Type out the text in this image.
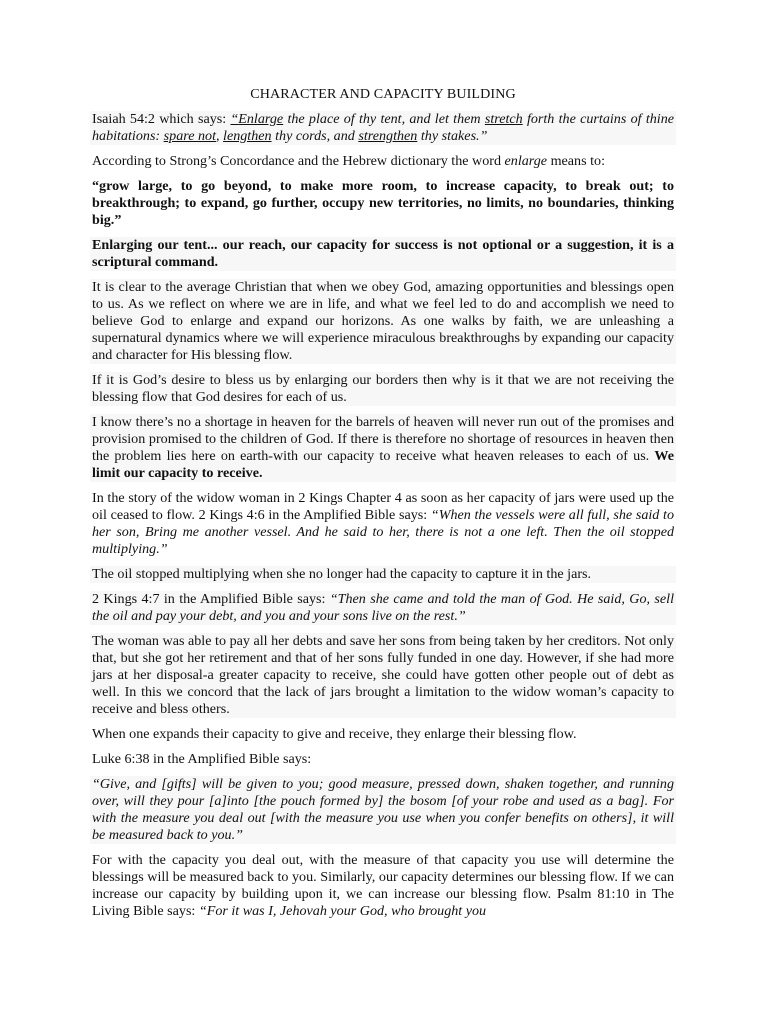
CHARACTER AND CAPACITY BUILDING

Isaiah 54:2 which says: “Enlarge the place of thy tent, and let them stretch forth the curtains of thine habitations: spare not, lengthen thy cords, and strengthen thy stakes.”

According to Strong’s Concordance and the Hebrew dictionary the word enlarge means to:

“grow large, to go beyond, to make more room, to increase capacity, to break out; to breakthrough; to expand, go further, occupy new territories, no limits, no boundaries, thinking big.”

Enlarging our tent... our reach, our capacity for success is not optional or a suggestion, it is a scriptural command.

It is clear to the average Christian that when we obey God, amazing opportunities and blessings open to us. As we reflect on where we are in life, and what we feel led to do and accomplish we need to believe God to enlarge and expand our horizons. As one walks by faith, we are unleashing a supernatural dynamics where we will experience miraculous breakthroughs by expanding our capacity and character for His blessing flow.

If it is God’s desire to bless us by enlarging our borders then why is it that we are not receiving the blessing flow that God desires for each of us.

I know there’s no a shortage in heaven for the barrels of heaven will never run out of the promises and provision promised to the children of God. If there is therefore no shortage of resources in heaven then the problem lies here on earth-with our capacity to receive what heaven releases to each of us. We limit our capacity to receive.

In the story of the widow woman in 2 Kings Chapter 4 as soon as her capacity of jars were used up the oil ceased to flow. 2 Kings 4:6 in the Amplified Bible says: “When the vessels were all full, she said to her son, Bring me another vessel. And he said to her, there is not a one left. Then the oil stopped multiplying.”

The oil stopped multiplying when she no longer had the capacity to capture it in the jars.

2 Kings 4:7 in the Amplified Bible says: “Then she came and told the man of God. He said, Go, sell the oil and pay your debt, and you and your sons live on the rest.”

The woman was able to pay all her debts and save her sons from being taken by her creditors. Not only that, but she got her retirement and that of her sons fully funded in one day. However, if she had more jars at her disposal-a greater capacity to receive, she could have gotten other people out of debt as well. In this we concord that the lack of jars brought a limitation to the widow woman’s capacity to receive and bless others.

When one expands their capacity to give and receive, they enlarge their blessing flow.

Luke 6:38 in the Amplified Bible says:

“Give, and [gifts] will be given to you; good measure, pressed down, shaken together, and running over, will they pour [a]into [the pouch formed by] the bosom [of your robe and used as a bag]. For with the measure you deal out [with the measure you use when you confer benefits on others], it will be measured back to you.”

For with the capacity you deal out, with the measure of that capacity you use will determine the blessings will be measured back to you. Similarly, our capacity determines our blessing flow. If we can increase our capacity by building upon it, we can increase our blessing flow. Psalm 81:10 in The Living Bible says: “For it was I, Jehovah your God, who brought you
